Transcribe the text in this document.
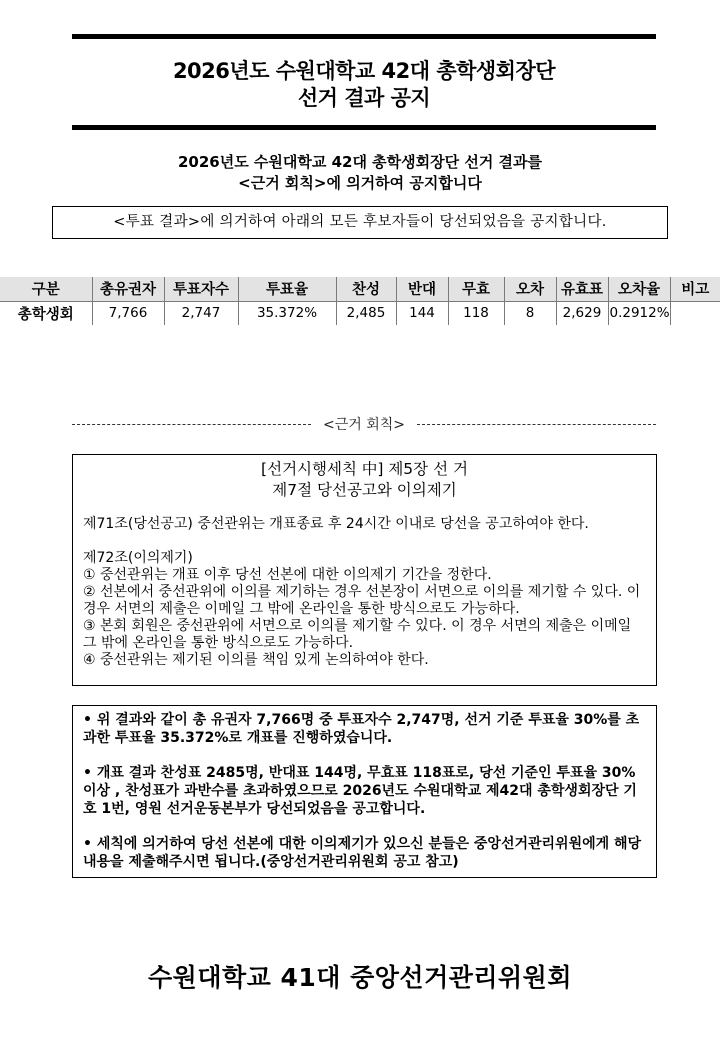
2026년도 수원대학교 42대 총학생회장단
선거 결과 공지
2026년도 수원대학교 42대 총학생회장단 선거 결과를
<근거 회칙>에 의거하여 공지합니다
<투표 결과>에 의거하여 아래의 모든 후보자들이 당선되었음을 공지합니다.
구분	총유권자	투표자수	투표율	찬성	반대	무효	오차	유효표	오차율	비고
총학생회	7,766	2,747	35.372%	2,485	144	118	8	2,629	0.2912%	
<근거 회칙>
[선거시행세칙 中] 제5장 선 거
제7절 당선공고와 이의제기
제71조(당선공고) 중선관위는 개표종료 후 24시간 이내로 당선을 공고하여야 한다.
제72조(이의제기)
① 중선관위는 개표 이후 당선 선본에 대한 이의제기 기간을 정한다.
② 선본에서 중선관위에 이의를 제기하는 경우 선본장이 서면으로 이의를 제기할 수 있다. 이 경우 서면의 제출은 이메일 그 밖에 온라인을 통한 방식으로도 가능하다.
③ 본회 회원은 중선관위에 서면으로 이의를 제기할 수 있다. 이 경우 서면의 제출은 이메일 그 밖에 온라인을 통한 방식으로도 가능하다.
④ 중선관위는 제기된 이의를 책임 있게 논의하여야 한다.
• 위 결과와 같이 총 유권자 7,766명 중 투표자수 2,747명, 선거 기준 투표율 30%를 초과한 투표율 35.372%로 개표를 진행하였습니다.
• 개표 결과 찬성표 2485명, 반대표 144명, 무효표 118표로, 당선 기준인 투표율 30%이상 , 찬성표가 과반수를 초과하였으므로 2026년도 수원대학교 제42대 총학생회장단 기호 1번, 영원 선거운동본부가 당선되었음을 공고합니다.
• 세칙에 의거하여 당선 선본에 대한 이의제기가 있으신 분들은 중앙선거관리위원에게 해당 내용을 제출해주시면 됩니다.(중앙선거관리위원회 공고 참고)
수원대학교 41대 중앙선거관리위원회
